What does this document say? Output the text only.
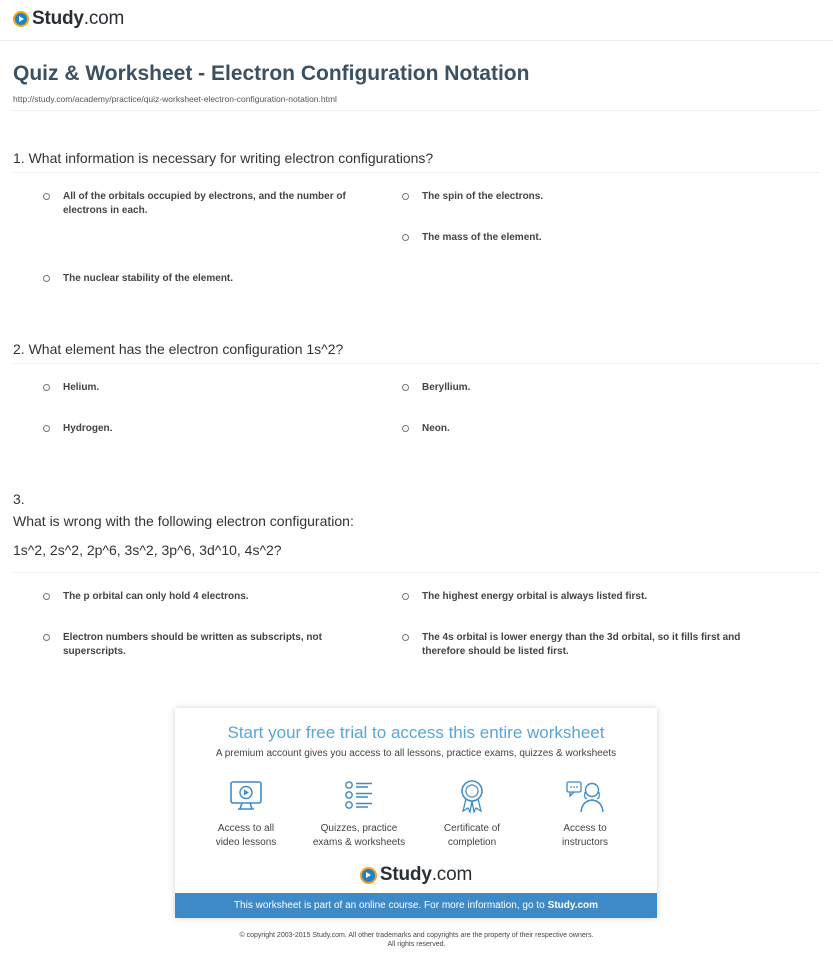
Study.com
Quiz & Worksheet - Electron Configuration Notation
http://study.com/academy/practice/quiz-worksheet-electron-configuration-notation.html
1. What information is necessary for writing electron configurations?
All of the orbitals occupied by electrons, and the number of electrons in each.
The spin of the electrons.
The mass of the element.
The nuclear stability of the element.
2. What element has the electron configuration 1s^2?
Helium.	Beryllium.
Hydrogen.	Neon.
3.
What is wrong with the following electron configuration:
1s^2, 2s^2, 2p^6, 3s^2, 3p^6, 3d^10, 4s^2?
The p orbital can only hold 4 electrons.	The highest energy orbital is always listed first.
Electron numbers should be written as subscripts, not superscripts.
The 4s orbital is lower energy than the 3d orbital, so it fills first and therefore should be listed first.
Start your free trial to access this entire worksheet
A premium account gives you access to all lessons, practice exams, quizzes & worksheets
Access to all
video lessons
Quizzes, practice
exams & worksheets
Certificate of
completion
Access to
instructors
Study.com
This worksheet is part of an online course. For more information, go to Study.com
© copyright 2003-2015 Study.com. All other trademarks and copyrights are the property of their respective owners.
All rights reserved.
